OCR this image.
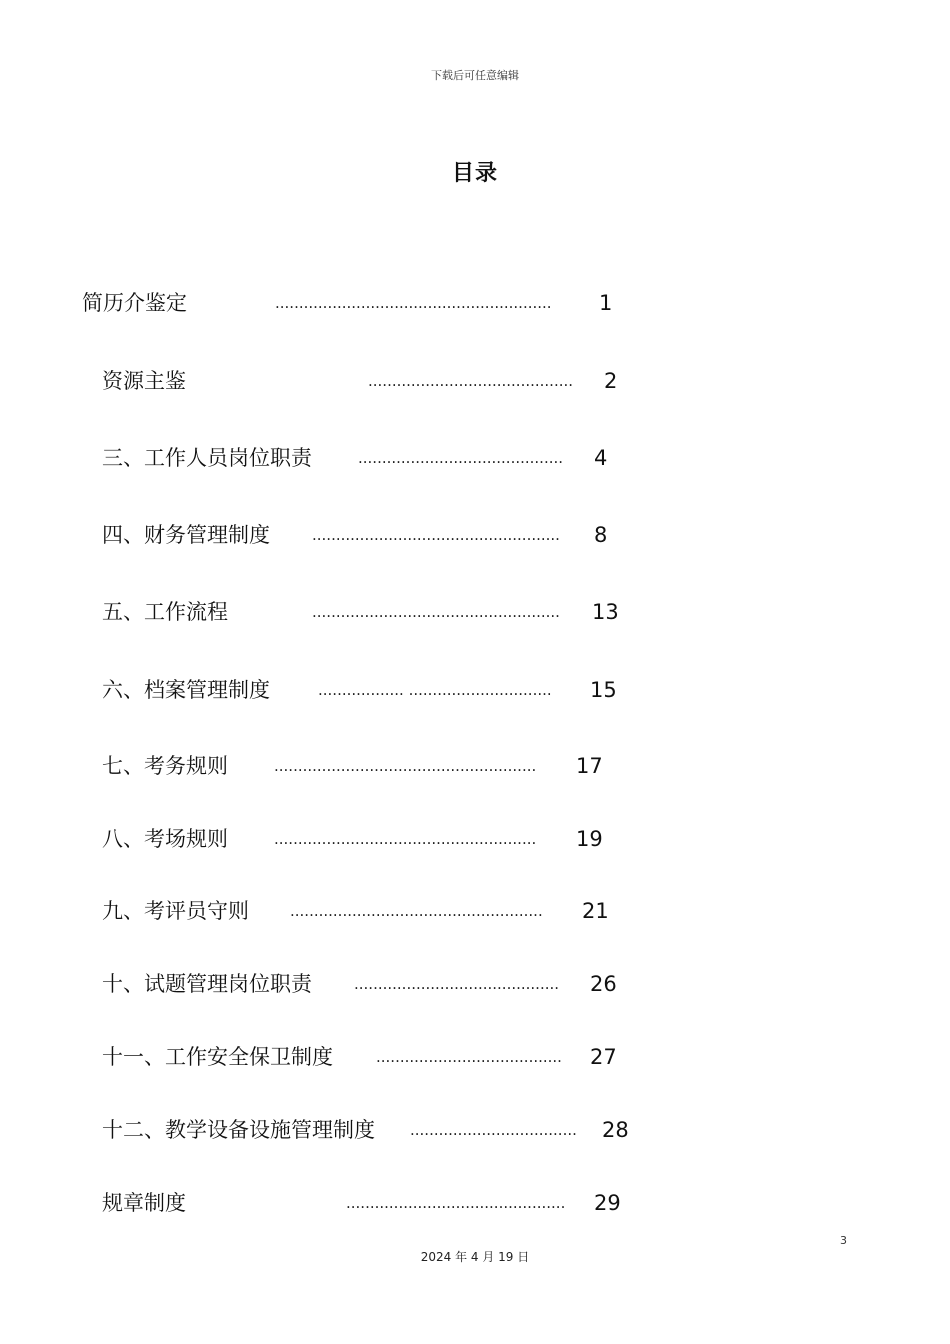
下载后可任意编辑
目录
简历介鉴定	.......................................................... 1
资源主鉴	........................................... 2
三、工作人员岗位职责	........................................... 4
四、财务管理制度	.................................................... 8
五、工作流程	.................................................... 13
六、档案管理制度	.................. .............................. 15
七、考务规则	....................................................... 17
八、考场规则	....................................................... 19
九、考评员守则	..................................................... 21
十、试题管理岗位职责	........................................... 26
十一、工作安全保卫制度	....................................... 27
十二、教学设备设施管理制度 ................................... 28
规章制度	.............................................. 29
3
2024 年 4 月 19 日
